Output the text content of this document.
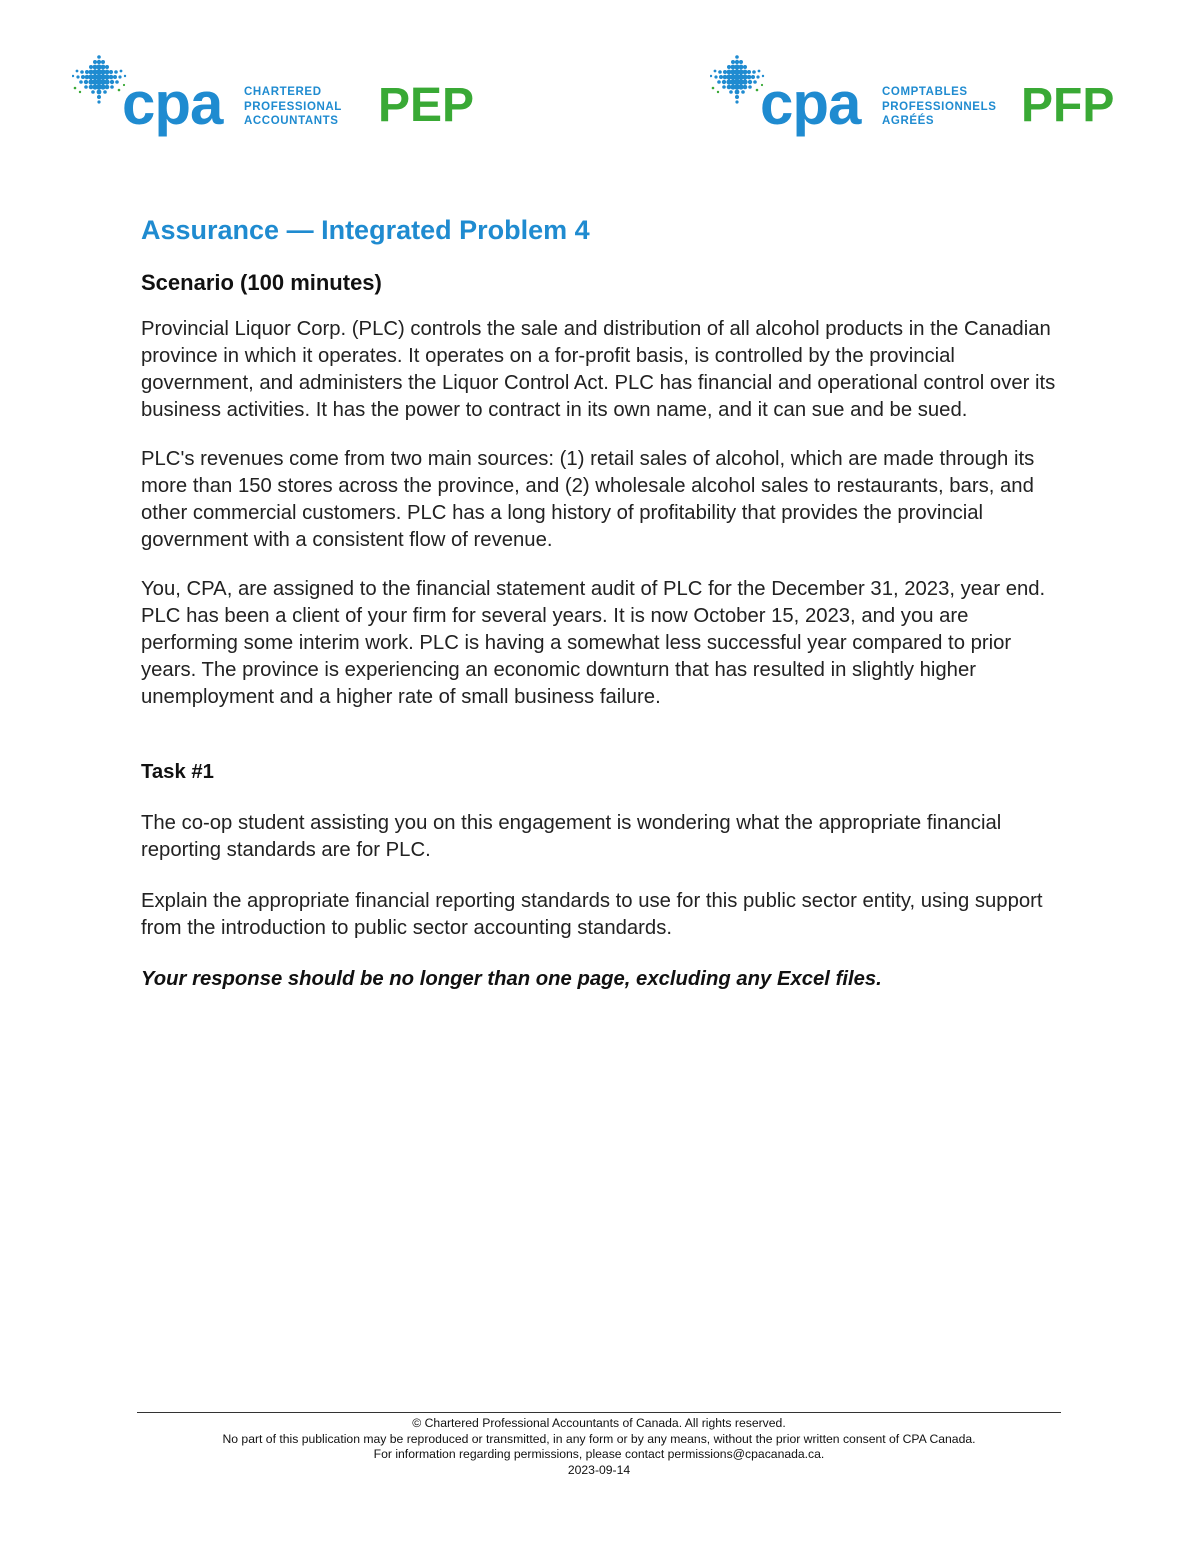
cpa CHARTERED
PROFESSIONAL
ACCOUNTANTS PEP	cpa COMPTABLES
PROFESSIONNELS
AGRÉÉS	PFP
Assurance — Integrated Problem 4
Scenario (100 minutes)

Provincial Liquor Corp. (PLC) controls the sale and distribution of all alcohol products in the Canadian province in which it operates. It operates on a for-profit basis, is controlled by the provincial government, and administers the Liquor Control Act. PLC has financial and operational control over its business activities. It has the power to contract in its own name, and it can sue and be sued.

PLC's revenues come from two main sources: (1) retail sales of alcohol, which are made through its more than 150 stores across the province, and (2) wholesale alcohol sales to restaurants, bars, and other commercial customers. PLC has a long history of profitability that provides the provincial government with a consistent flow of revenue.

You, CPA, are assigned to the financial statement audit of PLC for the December 31, 2023, year end. PLC has been a client of your firm for several years. It is now October 15, 2023, and you are performing some interim work. PLC is having a somewhat less successful year compared to prior years. The province is experiencing an economic downturn that has resulted in slightly higher unemployment and a higher rate of small business failure.

Task #1

The co-op student assisting you on this engagement is wondering what the appropriate financial reporting standards are for PLC.

Explain the appropriate financial reporting standards to use for this public sector entity, using support from the introduction to public sector accounting standards.

Your response should be no longer than one page, excluding any Excel files.
© Chartered Professional Accountants of Canada. All rights reserved.
No part of this publication may be reproduced or transmitted, in any form or by any means, without the prior written consent of CPA Canada.
For information regarding permissions, please contact permissions@cpacanada.ca.
2023-09-14
